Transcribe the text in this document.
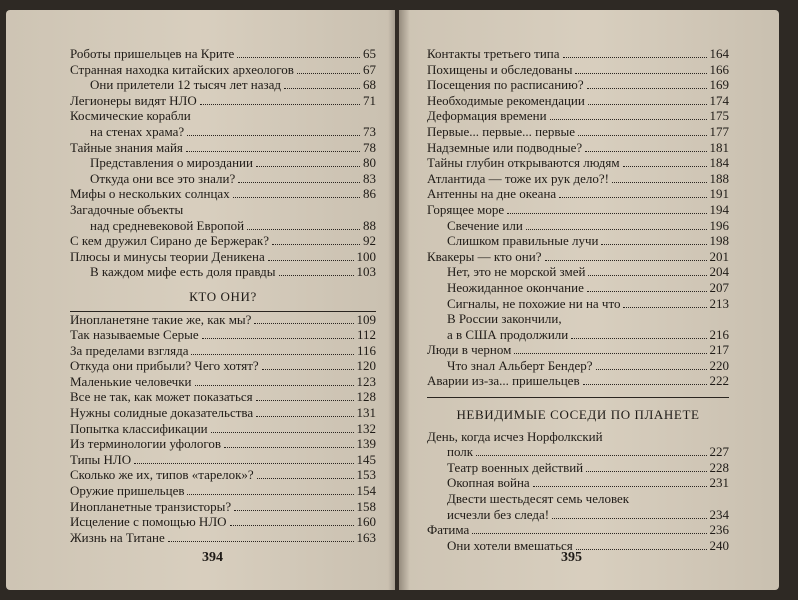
Роботы пришельцев на Крите	65
Странная находка китайских археологов	67
Они прилетели 12 тысяч лет назад	68
Легионеры видят НЛО	71
Космические корабли
на стенах храма?	73
Тайные знания майя	78
Представления о мироздании	80
Откуда они все это знали?	83
Мифы о нескольких солнцах	86
Загадочные объекты
над средневековой Европой	88
С кем дружил Сирано де Бержерак?	92
Плюсы и минусы теории Деникена	100
В каждом мифе есть доля правды	103
КТО ОНИ?
Инопланетяне такие же, как мы?	109
Так называемые Серые	112
За пределами взгляда	116
Откуда они прибыли? Чего хотят?	120
Маленькие человечки	123
Все не так, как может показаться	128
Нужны солидные доказательства	131
Попытка классификации	132
Из терминологии уфологов	139
Типы НЛО	145
Сколько же их, типов «тарелок»?	153
Оружие пришельцев	154
Инопланетные транзисторы?	158
Исцеление с помощью НЛО	160
Жизнь на Титане	163
394
Контакты третьего типа	164
Похищены и обследованы	166
Посещения по расписанию?	169
Необходимые рекомендации	174
Деформация времени	175
Первые... первые... первые	177
Надземные или подводные?	181
Тайны глубин открываются людям	184
Атлантида — тоже их рук дело?!	188
Антенны на дне океана	191
Горящее море	194
Свечение или	196
Слишком правильные лучи	198
Квакеры — кто они?	201
Нет, это не морской змей	204
Неожиданное окончание	207
Сигналы, не похожие ни на что	213
В России закончили,
а в США продолжили	216
Люди в черном	217
Что знал Альберт Бендер?	220
Аварии из-за... пришельцев	222
НЕВИДИМЫЕ СОСЕДИ ПО ПЛАНЕТЕ
День, когда исчез Норфолкский
полк	227
Театр военных действий	228
Окопная война	231
Двести шестьдесят семь человек
исчезли без следа!	234
Фатима	236
Они хотели вмешаться	240
395
